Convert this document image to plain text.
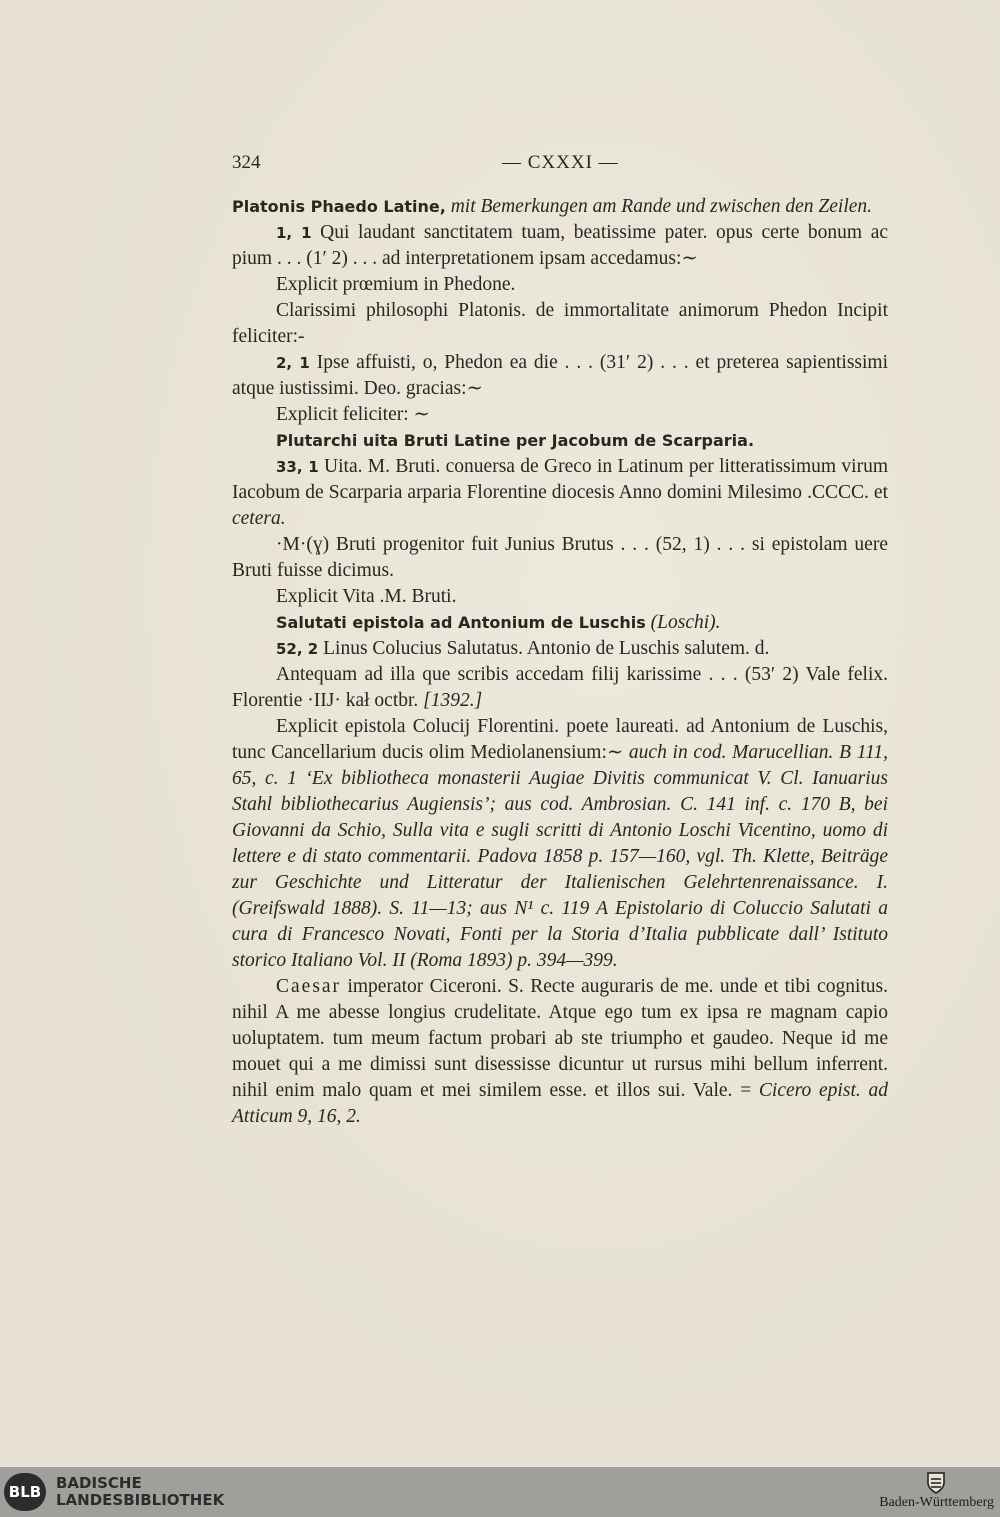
324	— CXXXI —

Platonis Phaedo Latine, mit Bemerkungen am Rande und zwischen den Zeilen.

1, 1 Qui laudant sanctitatem tuam, beatissime pater. opus certe bonum ac pium . . . (1′ 2) . . . ad interpretationem ipsam accedamus:∼

Explicit prœmium in Phedone.

Clarissimi philosophi Platonis. de immortalitate animorum Phedon Incipit feliciter:-

2, 1 Ipse affuisti, o, Phedon ea die . . . (31′ 2) . . . et preterea sapientissimi atque iustissimi. Deo. gracias:∼

Explicit feliciter: ∼

Plutarchi uita Bruti Latine per Jacobum de Scarparia.

33, 1 Uita. M. Bruti. conuersa de Greco in Latinum per litteratissimum virum Iacobum de Scarparia arparia Florentine diocesis Anno domini Milesimo .CCCC. et cetera.

·M·(ɣ) Bruti progenitor fuit Junius Brutus . . . (52, 1) . . . si epistolam uere Bruti fuisse dicimus.

Explicit Vita .M. Bruti.

Salutati epistola ad Antonium de Luschis (Loschi).

52, 2 Linus Colucius Salutatus. Antonio de Luschis salutem. d.

Antequam ad illa que scribis accedam filij karissime . . . (53′ 2) Vale felix. Florentie ·IIJ· kał octbr. [1392.]

Explicit epistola Colucij Florentini. poete laureati. ad Antonium de Luschis, tunc Cancellarium ducis olim Mediolanensium:∼ auch in cod. Marucellian. B 111, 65, c. 1 ‘Ex bibliotheca monasterii Augiae Divitis communicat V. Cl. Ianuarius Stahl bibliothecarius Augiensis’; aus cod. Ambrosian. C. 141 inf. c. 170 B, bei Giovanni da Schio, Sulla vita e sugli scritti di Antonio Loschi Vicentino, uomo di lettere e di stato commentarii. Padova 1858 p. 157—160, vgl. Th. Klette, Beiträge zur Geschichte und Litteratur der Italienischen Gelehrtenrenaissance. I. (Greifswald 1888). S. 11—13; aus N¹ c. 119 A Epistolario di Coluccio Salutati a cura di Francesco Novati, Fonti per la Storia d’Italia pubblicate dall’ Istituto storico Italiano Vol. II (Roma 1893) p. 394—399.

Caesar imperator Ciceroni. S. Recte auguraris de me. unde et tibi cognitus. nihil A me abesse longius crudelitate. Atque ego tum ex ipsa re magnam capio uoluptatem. tum meum factum probari ab ste triumpho et gaudeo. Neque id me mouet qui a me dimissi sunt disessisse dicuntur ut rursus mihi bellum inferrent. nihil enim malo quam et mei similem esse. et illos sui. Vale. = Cicero epist. ad Atticum 9, 16, 2.

BLB BADISCHE
LANDESBIBLIOTHEK	Baden-Württemberg
